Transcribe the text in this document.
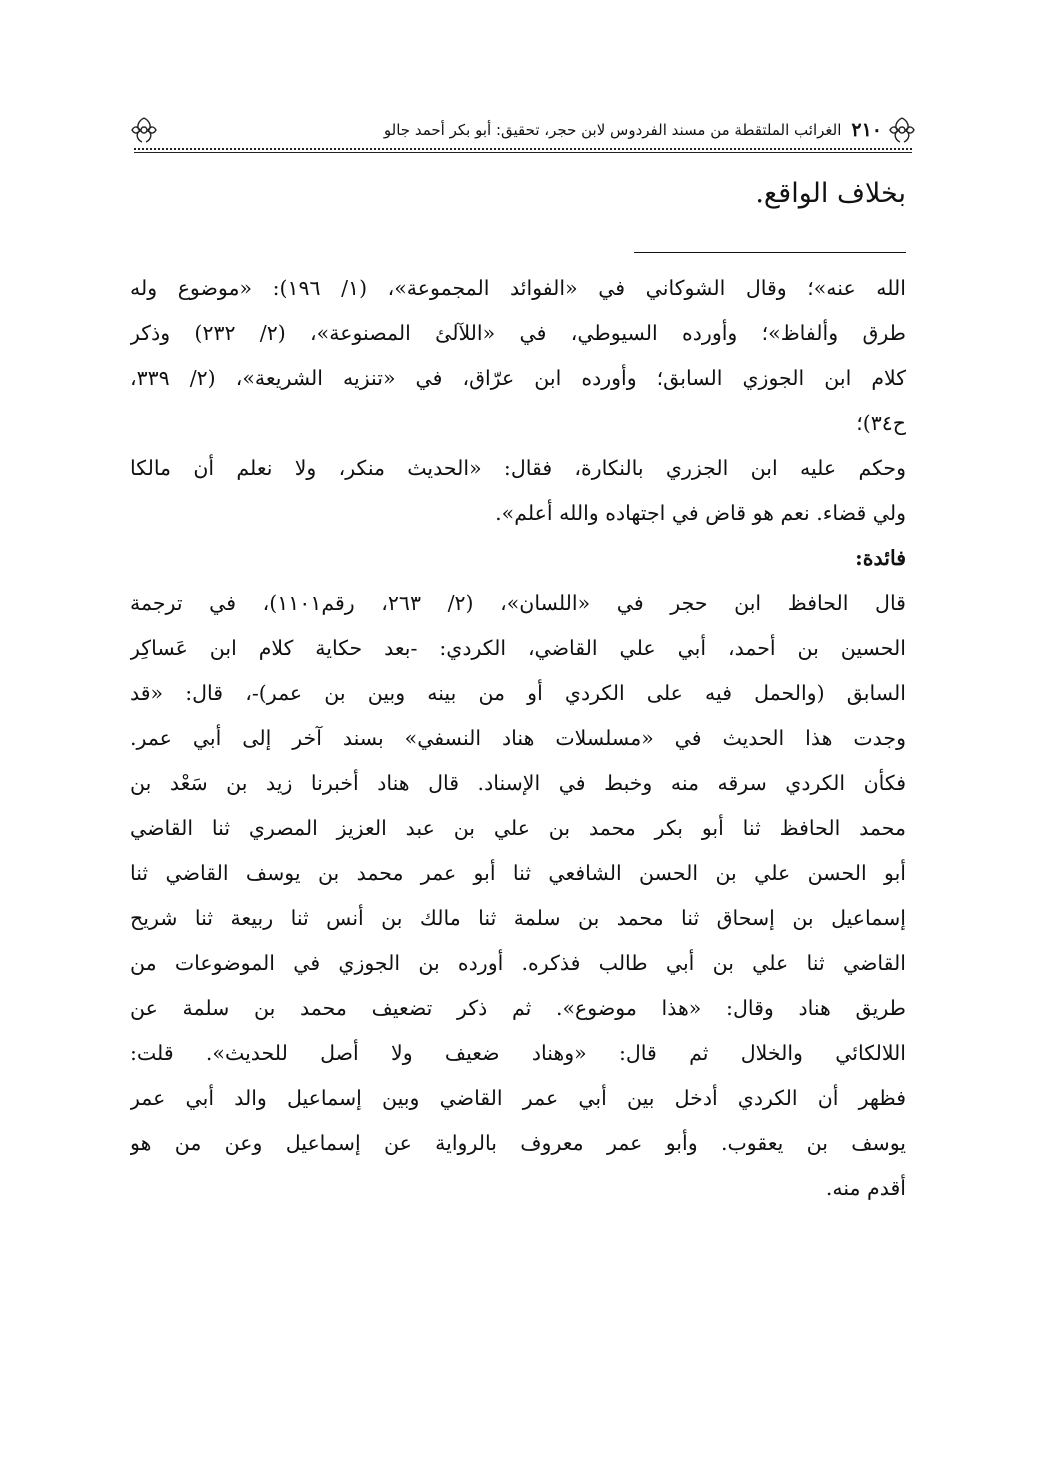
٢١٠
الغرائب الملتقطة من مسند الفردوس لابن حجر، تحقيق: أبو بكر أحمد جالو
بخلاف الواقع.
الله عنه»؛ وقال الشوكاني في «الفوائد المجموعة»، (١/ ١٩٦): «موضوع وله
طرق وألفاظ»؛ وأورده السيوطي، في «اللآلئ المصنوعة»، (٢/ ٢٣٢) وذكر
كلام ابن الجوزي السابق؛ وأورده ابن عرّاق، في «تنزيه الشريعة»، (٢/ ٣٣٩،
ح٣٤)؛
وحكم عليه ابن الجزري بالنكارة، فقال: «الحديث منكر، ولا نعلم أن مالكا
ولي قضاء. نعم هو قاض في اجتهاده والله أعلم».
فائدة:
قال الحافظ ابن حجر في «اللسان»، (٢/ ٢٦٣، رقم١١٠١)، في ترجمة
الحسين بن أحمد، أبي علي القاضي، الكردي: -بعد حكاية كلام ابن عَساكِر
السابق (والحمل فيه على الكردي أو من بينه وبين بن عمر)-، قال: «قد
وجدت هذا الحديث في «مسلسلات هناد النسفي» بسند آخر إلى أبي عمر.
فكأن الكردي سرقه منه وخبط في الإسناد. قال هناد أخبرنا زيد بن سَعْد بن
محمد الحافظ ثنا أبو بكر محمد بن علي بن عبد العزيز المصري ثنا القاضي
أبو الحسن علي بن الحسن الشافعي ثنا أبو عمر محمد بن يوسف القاضي ثنا
إسماعيل بن إسحاق ثنا محمد بن سلمة ثنا مالك بن أنس ثنا ربيعة ثنا شريح
القاضي ثنا علي بن أبي طالب فذكره. أورده بن الجوزي في الموضوعات من
طريق هناد وقال: «هذا موضوع». ثم ذكر تضعيف محمد بن سلمة عن
اللالكائي والخلال ثم قال: «وهناد ضعيف ولا أصل للحديث». قلت:
فظهر أن الكردي أدخل بين أبي عمر القاضي وبين إسماعيل والد أبي عمر
يوسف بن يعقوب. وأبو عمر معروف بالرواية عن إسماعيل وعن من هو
أقدم منه.
